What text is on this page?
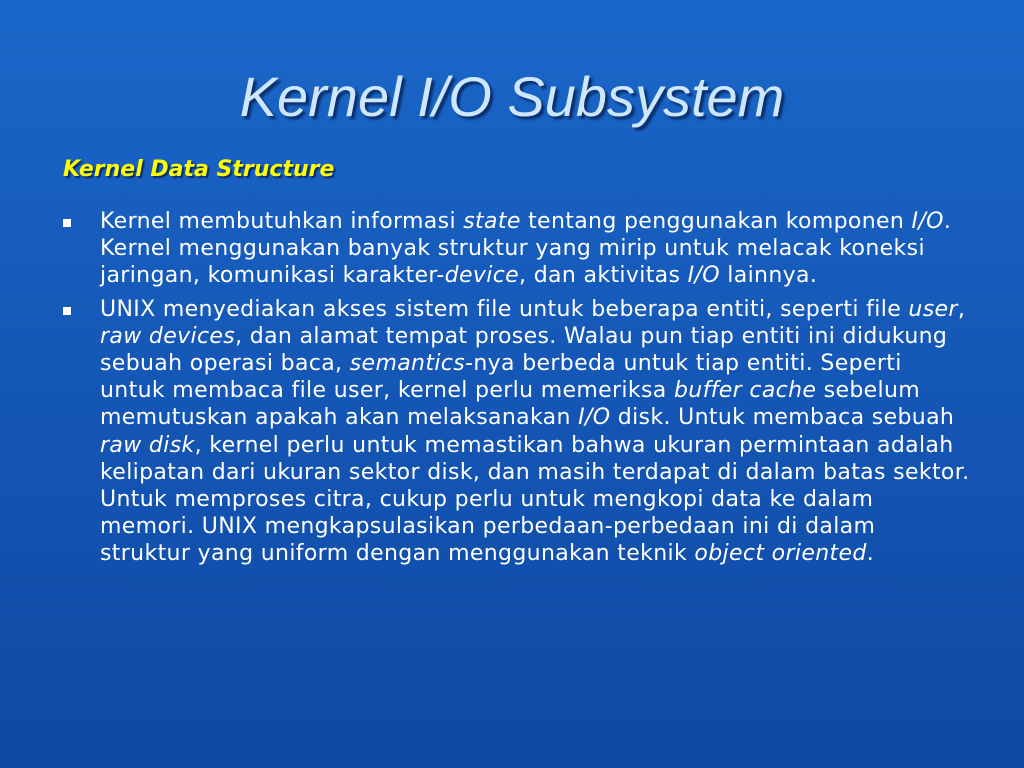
Kernel I/O Subsystem
Kernel Data Structure
Kernel membutuhkan informasi state tentang penggunakan komponen I/O. Kernel menggunakan banyak struktur yang mirip untuk melacak koneksi jaringan, komunikasi karakter-device, dan aktivitas I/O lainnya.
UNIX menyediakan akses sistem file untuk beberapa entiti, seperti file user, raw devices, dan alamat tempat proses. Walau pun tiap entiti ini didukung sebuah operasi baca, semantics-nya berbeda untuk tiap entiti. Seperti untuk membaca file user, kernel perlu memeriksa buffer cache sebelum memutuskan apakah akan melaksanakan I/O disk. Untuk membaca sebuah raw disk, kernel perlu untuk memastikan bahwa ukuran permintaan adalah kelipatan dari ukuran sektor disk, dan masih terdapat di dalam batas sektor. Untuk memproses citra, cukup perlu untuk mengkopi data ke dalam memori. UNIX mengkapsulasikan perbedaan-perbedaan ini di dalam struktur yang uniform dengan menggunakan teknik object oriented.
